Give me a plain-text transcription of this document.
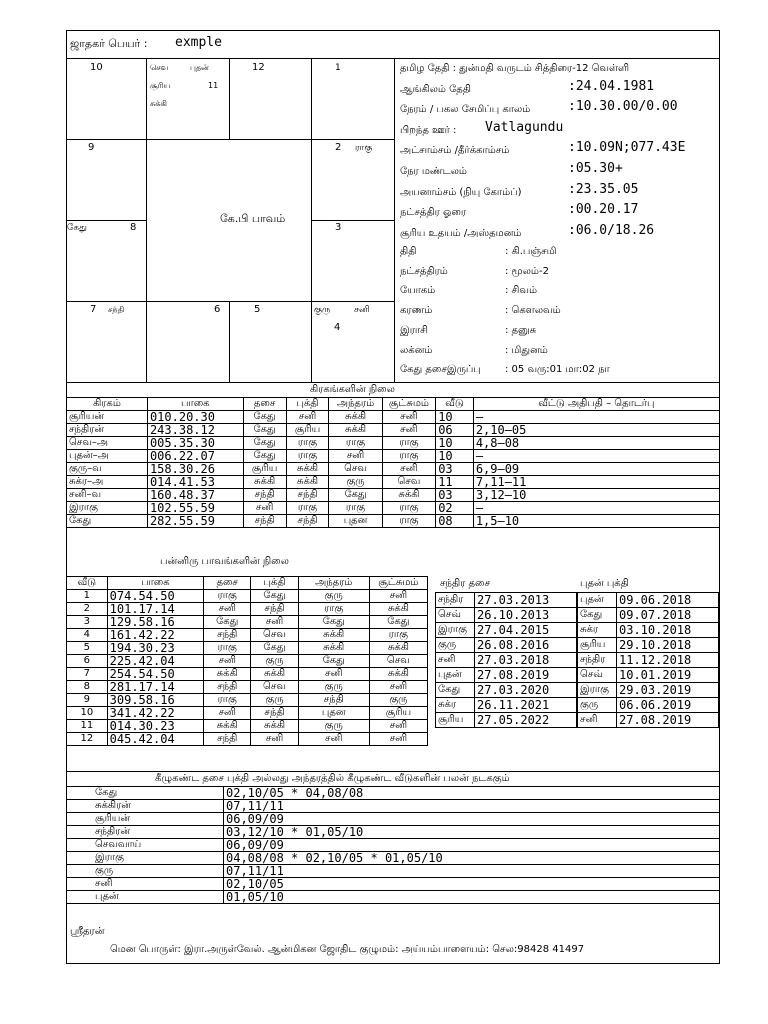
ஜாதகர் பெயர் : exmple
கே.பி பாவம்
10	செவ	புதன்
சூரிய	11
சுக்கி
12	1
9	2 ராகு
கேது	8	3
7 சந்தி	6	5	குரு	சனி
4
தமிழ தேதி : துன்மதி வருடம் சித்திரை-12 வெள்ளி
ஆங்கிலம் தேதி	:24.04.1981
நேரம் / பகல சேமிப்பு காலம்	:10.30.00/0.00
பிறந்த ஊர் : Vatlagundu
அட்சாம்சம் /தீர்க்காம்சம்	:10.09N;077.43E
நேர மண்டலம்	:05.30+
அயனாம்சம் (நியு கோம்ப்)	:23.35.05
நட்சத்திர ஓரை	:00.20.17
சூரிய உதயம் /அஸ்தமனம்	:06.0/18.26
திதி	: கி.பஞ்சமி
நட்சத்திரம்	: மூலம்-2
யோகம்	: சிவம்
கரணம்	: கௌலவம்
இராசி	: தனுசு
லக்னம்	: மிதுனம்
கேது தசைஇருப்பு : 05 வரு:01 மா:02 நா
கிரகங்களின் நிலை
கிரகம்	பாகை	தசை	புக்தி	அந்தரம்	சூட்சுமம்	வீடு	வீட்டு அதிபதி – தொடர்பு
சூரியன்	010.20.30	கேது	சனி	சுக்கி	சனி	10	–
சந்திரன்	243.38.12	கேது	சூரிய	சுக்கி	சனி	06	2,10–05
செவ–அ	005.35.30	கேது	ராகு	ராகு	ராகு	10	4,8–08
புதன்–அ	006.22.07	கேது	ராகு	சனி	ராகு	10	–
குரு–வ	158.30.26	சூரிய	சுக்கி	செவ	சனி	03	6,9–09
சுக்ர–அ	014.41.53	சுக்கி	சுக்கி	குரு	செவ	11	7,11–11
சனி–வ	160.48.37	சந்தி	சந்தி	கேது	சுக்கி	03	3,12–10
இராகு	102.55.59	சனி	ராகு	ராகு	ராகு	02	–
கேது	282.55.59	சந்தி	சந்தி	புதன	ராகு	08	1,5–10
பன்னிரு பாவங்களின் நிலை
வீடு	பாகை	தசை	புக்தி	அந்தரம்	சூட்சுமம்
1	074.54.50	ராகு	கேது	குரு	சனி
2	101.17.14	சனி	சந்தி	ராகு	சுக்கி
3	129.58.16	கேது	சனி	கேது	கேது
4	161.42.22	சந்தி	செவ	சுக்கி	ராகு
5	194.30.23	ராகு	கேது	சுக்கி	சுக்கி
6	225.42.04	சனி	குரு	கேது	செவ
7	254.54.50	சுக்கி	சுக்கி	சனி	சுக்கி
8	281.17.14	சந்தி	செவ	குரு	சனி
9	309.58.16	ராகு	குரு	சந்தி	குரு
10	341.42.22	சனி	சந்தி	புதன	சூரிய
11	014.30.23	சுக்கி	சுக்கி	குரு	சனி
12	045.42.04	சந்தி	சனி	சனி	சனி
சந்திர தசை	புதன் புக்தி
சந்திர	27.03.2013
செவ்	26.10.2013
இராகு	27.04.2015
குரு	26.08.2016
சனி	27.03.2018
புதன்	27.08.2019
கேது	27.03.2020
சுக்ர	26.11.2021
சூரிய	27.05.2022
புதன்	09.06.2018
கேது	09.07.2018
சுக்ர	03.10.2018
சூரிய	29.10.2018
சந்திர	11.12.2018
செவ்	10.01.2019
இராகு	29.03.2019
குரு	06.06.2019
சனி	27.08.2019
கீழுகண்ட தசை புக்தி அல்லது அந்தரத்தில் கீழுகண்ட வீடுகளின் பலன் நடககும்
கேது	02,10/05 * 04,08/08
சுக்கிரன்	07,11/11
சூரியன்	06,09/09
சந்திரன்	03,12/10 * 01,05/10
செவவாய்	06,09/09
இராகு	04,08/08 * 02,10/05 * 01,05/10
குரு	07,11/11
சனி	02,10/05
புதன்	01,05/10
ஸ்ரீதரன்
மென பொருள்: இரா.அருள்வேல். ஆன்மிகன ஜோதிட குழுமம்: அய்யம்பாளையம்: செல:98428 41497
